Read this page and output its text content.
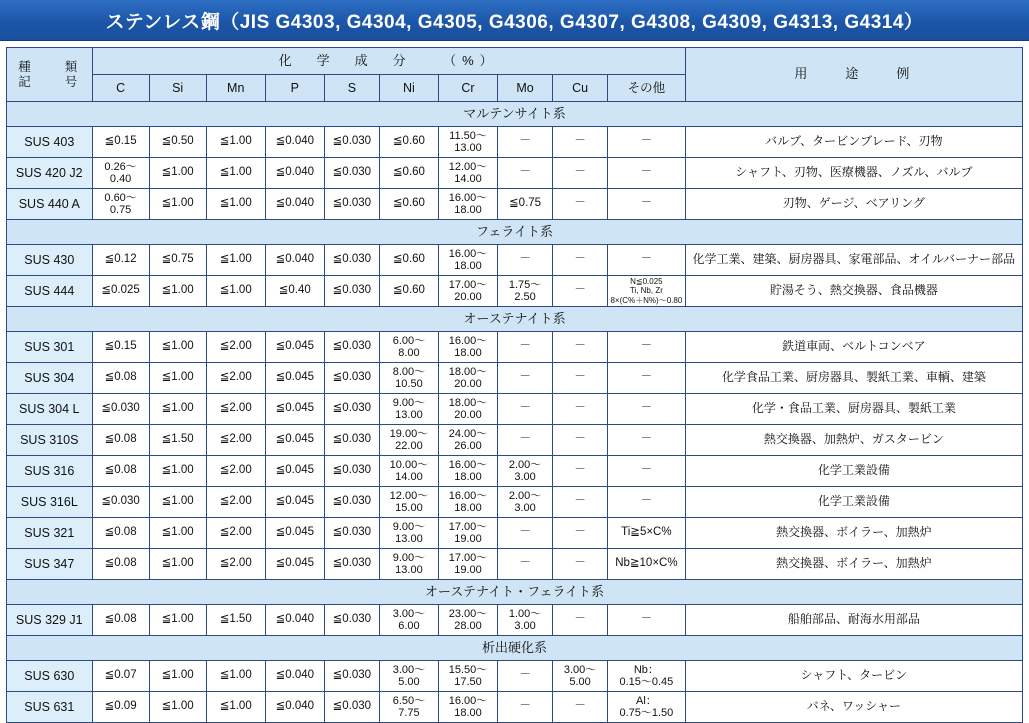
ステンレス鋼（JIS G4303, G4304, G4305, G4306, G4307, G4308, G4309, G4313, G4314）
種　　類
記　　号	化　学　成　分　　（%）										用　　途　　例
	C	Si	Mn	P	S	Ni	Cr	Mo	Cu	その他	
マルテンサイト系											
SUS 403	≦0.15	≦0.50	≦1.00	≦0.040	≦0.030	≦0.60	11.50～
13.00	－	－	－	バルブ、タービンブレード、刃物
SUS 420 J2	0.26～
0.40	≦1.00	≦1.00	≦0.040	≦0.030	≦0.60	12.00～
14.00	－	－	－	シャフト、刃物、医療機器、ノズル、バルブ
SUS 440 A	0.60～
0.75	≦1.00	≦1.00	≦0.040	≦0.030	≦0.60	16.00～
18.00	≦0.75	－	－	刃物、ゲージ、ベアリング
フェライト系											
SUS 430	≦0.12	≦0.75	≦1.00	≦0.040	≦0.030	≦0.60	16.00～
18.00	－	－	－	化学工業、建築、厨房器具、家電部品、オイルバーナー部品
SUS 444	≦0.025	≦1.00	≦1.00	≦0.40	≦0.030	≦0.60	17.00～
20.00	1.75～
2.50	－	N≦0.025
Ti, Nb, Zr
8×(C%＋N%)～0.80	貯湯そう、熱交換器、食品機器
オーステナイト系											
SUS 301	≦0.15	≦1.00	≦2.00	≦0.045	≦0.030	6.00～
8.00	16.00～
18.00	－	－	－	鉄道車両、ベルトコンベア
SUS 304	≦0.08	≦1.00	≦2.00	≦0.045	≦0.030	8.00～
10.50	18.00～
20.00	－	－	－	化学食品工業、厨房器具、製紙工業、車輌、建築
SUS 304 L	≦0.030	≦1.00	≦2.00	≦0.045	≦0.030	9.00～
13.00	18.00～
20.00	－	－	－	化学・食品工業、厨房器具、製紙工業
SUS 310S	≦0.08	≦1.50	≦2.00	≦0.045	≦0.030	19.00～
22.00	24.00～
26.00	－	－	－	熱交換器、加熱炉、ガスタービン
SUS 316	≦0.08	≦1.00	≦2.00	≦0.045	≦0.030	10.00～
14.00	16.00～
18.00	2.00～
3.00	－	－	化学工業設備
SUS 316L	≦0.030	≦1.00	≦2.00	≦0.045	≦0.030	12.00～
15.00	16.00～
18.00	2.00～
3.00	－	－	化学工業設備
SUS 321	≦0.08	≦1.00	≦2.00	≦0.045	≦0.030	9.00～
13.00	17.00～
19.00	－	－	Ti≧5×C%	熱交換器、ボイラー、加熱炉
SUS 347	≦0.08	≦1.00	≦2.00	≦0.045	≦0.030	9.00～
13.00	17.00～
19.00	－	－	Nb≧10×C%	熱交換器、ボイラー、加熱炉
オーステナイト・フェライト系											
SUS 329 J1	≦0.08	≦1.00	≦1.50	≦0.040	≦0.030	3.00～
6.00	23.00～
28.00	1.00～
3.00	－	－	船舶部品、耐海水用部品
析出硬化系											
SUS 630	≦0.07	≦1.00	≦1.00	≦0.040	≦0.030	3.00～
5.00	15.50～
17.50	－	3.00～
5.00	Nb：
0.15～0.45	シャフト、タービン
SUS 631	≦0.09	≦1.00	≦1.00	≦0.040	≦0.030	6.50～
7.75	16.00～
18.00	－	－	Al：
0.75～1.50	バネ、ワッシャー
